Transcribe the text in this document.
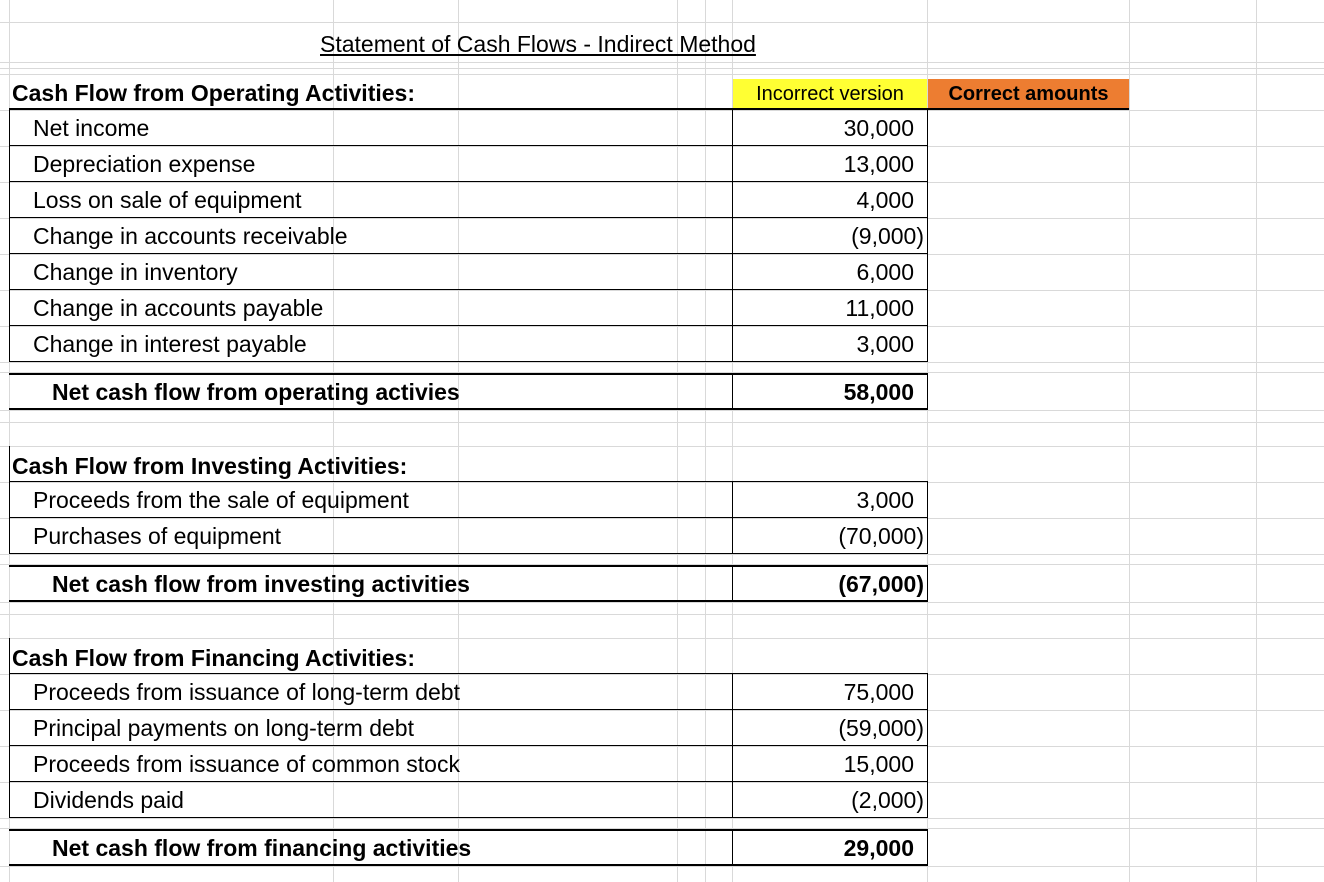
Incorrect version	Correct amounts
Statement of Cash Flows - Indirect Method
Cash Flow from Operating Activities:
Net income	30,000
Depreciation expense	13,000
Loss on sale of equipment	4,000
Change in accounts receivable	(9,000)
Change in inventory	6,000
Change in accounts payable	11,000
Change in interest payable	3,000
Net cash flow from operating activies	58,000
Cash Flow from Investing Activities:
Proceeds from the sale of equipment	3,000
Purchases of equipment	(70,000)
Net cash flow from investing activities	(67,000)
Cash Flow from Financing Activities:
Proceeds from issuance of long-term debt	75,000
Principal payments on long-term debt	(59,000)
Proceeds from issuance of common stock	15,000
Dividends paid	(2,000)
Net cash flow from financing activities	29,000
